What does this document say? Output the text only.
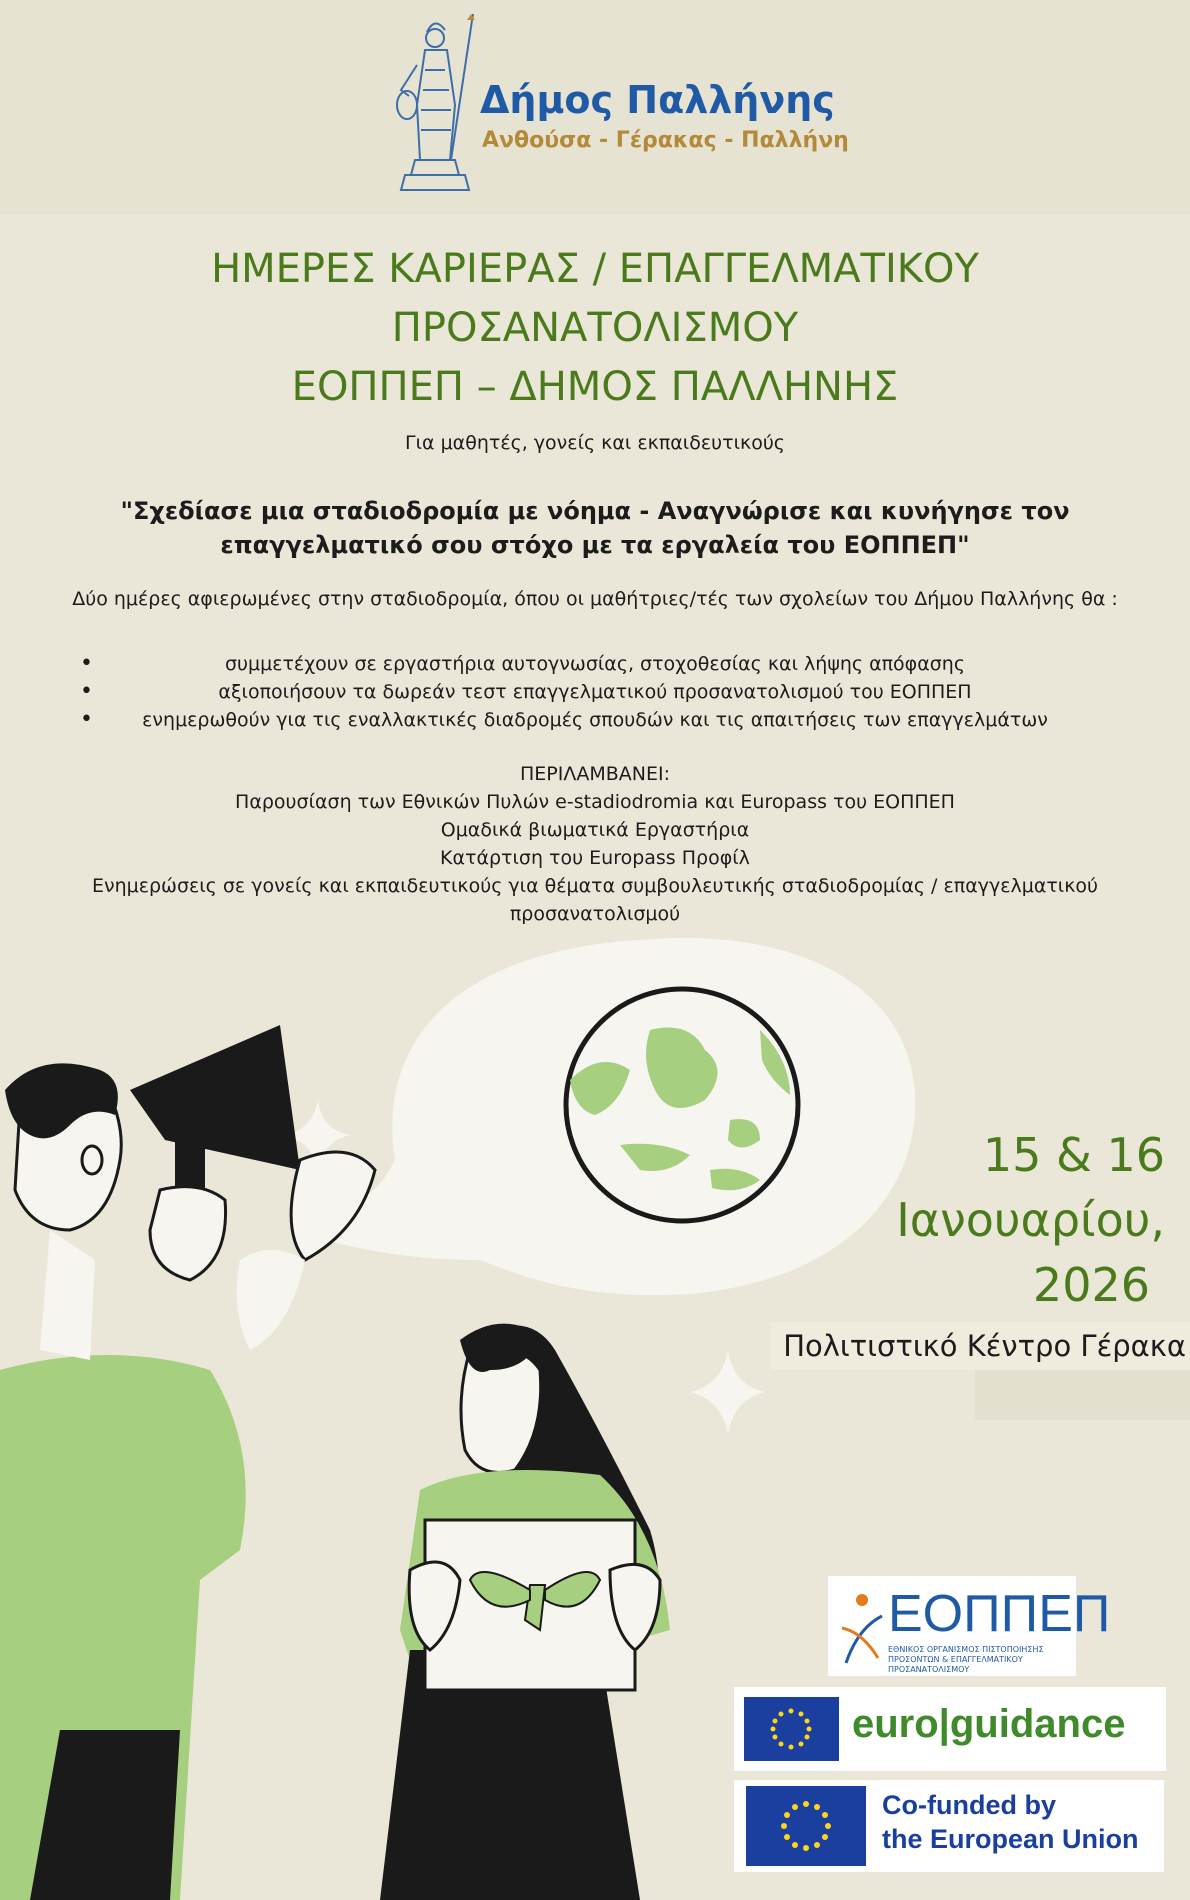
Δήμος Παλλήνης
Ανθούσα - Γέρακας - Παλλήνη
ΗΜΕΡΕΣ ΚΑΡΙΕΡΑΣ / ΕΠΑΓΓΕΛΜΑΤΙΚΟΥ
ΠΡΟΣΑΝΑΤΟΛΙΣΜΟΥ
ΕΟΠΠΕΠ – ΔΗΜΟΣ ΠΑΛΛΗΝΗΣ
Για μαθητές, γονείς και εκπαιδευτικούς
"Σχεδίασε μια σταδιοδρομία με νόημα - Αναγνώρισε και κυνήγησε τον
επαγγελματικό σου στόχο με τα εργαλεία του ΕΟΠΠΕΠ"
Δύο ημέρες αφιερωμένες στην σταδιοδρομία, όπου οι μαθήτριες/τές των σχολείων του Δήμου Παλλήνης θα :
• συμμετέχουν σε εργαστήρια αυτογνωσίας, στοχοθεσίας και λήψης απόφασης
• αξιοποιήσουν τα δωρεάν τεστ επαγγελματικού προσανατολισμού του ΕΟΠΠΕΠ
• ενημερωθούν για τις εναλλακτικές διαδρομές σπουδών και τις απαιτήσεις των επαγγελμάτων
ΠΕΡΙΛΑΜΒΑΝΕΙ:
Παρουσίαση των Εθνικών Πυλών e-stadiodromia και Europass του ΕΟΠΠΕΠ
Ομαδικά βιωματικά Εργαστήρια
Κατάρτιση του Europass Προφίλ
Ενημερώσεις σε γονείς και εκπαιδευτικούς για θέματα συμβουλευτικής σταδιοδρομίας / επαγγελματικού
προσανατολισμού
15 & 16
Ιανουαρίου,
2026
Πολιτιστικό Κέντρο Γέρακα
ΕΟΠΠΕΠ
ΕΘΝΙΚΟΣ ΟΡΓΑΝΙΣΜΟΣ ΠΙΣΤΟΠΟΙΗΣΗΣ ΠΡΟΣΟΝΤΩΝ & ΕΠΑΓΓΕΛΜΑΤΙΚΟΥ ΠΡΟΣΑΝΑΤΟΛΙΣΜΟΥ
euro|guidance
Co-funded by
the European Union
